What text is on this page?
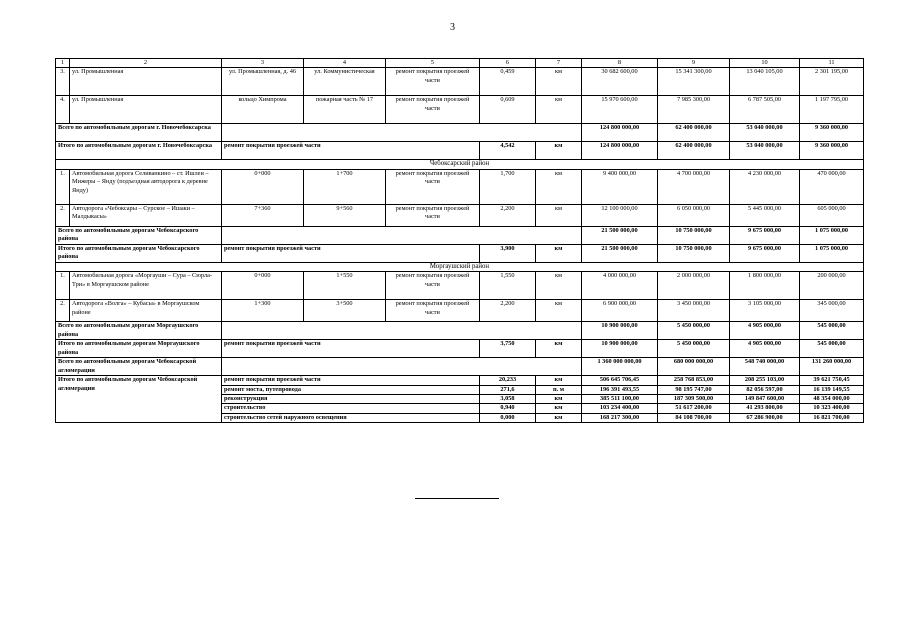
3
1	2	3	4	5	6	7	8	9	10	11
3.	ул. Промышленная	ул. Промышленная, д. 46	ул. Коммунистическая	ремонт покрытия проезжей части	0,459	км	30 682 600,00	15 341 300,00	13 040 105,00	2 301 195,00
4.	ул. Промышленная	кольцо Химпрома	пожарная часть № 17	ремонт покрытия проезжей части	0,609	км	15 970 600,00	7 985 300,00	6 787 505,00	1 197 795,00
Всего по автомобильным дорогам г. Новочебоксарска							124 800 000,00	62 400 000,00	53 040 000,00	9 360 000,00
Итого по автомобильным дорогам г. Новочебоксарска		ремонт покрытия проезжей части			4,542	км	124 800 000,00	62 400 000,00	53 040 000,00	9 360 000,00
Чебоксарский район										
1.	Автомобильная дорога Селиванкино – ст. Ишлеи – Мижеры – Янду (подъездная автодорога к деревне Янду)	0+000	1+700	ремонт покрытия проезжей части	1,700	км	9 400 000,00	4 700 000,00	4 230 000,00	470 000,00
2.	Автодорога «Чебоксары – Сурское – Ишаки – Малдыкасы»	7+360	9+560	ремонт покрытия проезжей части	2,200	км	12 100 000,00	6 050 000,00	5 445 000,00	605 000,00
Всего по автомобильным дорогам Чебоксарского района							21 500 000,00	10 750 000,00	9 675 000,00	1 075 000,00
Итого по автомобильным дорогам Чебоксарского района		ремонт покрытия проезжей части			3,900	км	21 500 000,00	10 750 000,00	9 675 000,00	1 075 000,00
Моргаушский район										
1.	Автомобильная дорога «Моргауши – Сура – Сюрла-Три» в Моргаушском районе	0+000	1+550	ремонт покрытия проезжей части	1,550	км	4 000 000,00	2 000 000,00	1 800 000,00	200 000,00
2.	Автодорога «Волга» – Кубасы» в Моргаушском районе	1+300	3+500	ремонт покрытия проезжей части	2,200	км	6 900 000,00	3 450 000,00	3 105 000,00	345 000,00
Всего по автомобильным дорогам Моргаушского района							10 900 000,00	5 450 000,00	4 905 000,00	545 000,00
Итого по автомобильным дорогам Моргаушского района		ремонт покрытия проезжей части			3,750	км	10 900 000,00	5 450 000,00	4 905 000,00	545 000,00
Всего по автомобильным дорогам Чебоксарской агломерации							1 360 000 000,00	680 000 000,00	548 740 000,00	131 260 000,00
Итого по автомобильным дорогам Чебоксарской агломерации		ремонт покрытия проезжей части			20,233	км	506 645 706,45	258 768 853,00	208 255 103,00	39 621 750,45
		ремонт моста, путепровода			271,6	п. м	196 391 493,55	98 195 747,00	82 056 597,00	16 139 149,55
		реконструкция			3,058	км	385 511 100,00	187 309 500,00	149 847 600,00	48 354 000,00
		строительство			0,940	км	103 234 400,00	51 617 200,00	41 293 800,00	10 323 400,00
		строительство сетей наружного освещения			0,000	км	168 217 300,00	84 108 700,00	67 286 900,00	16 821 700,00
